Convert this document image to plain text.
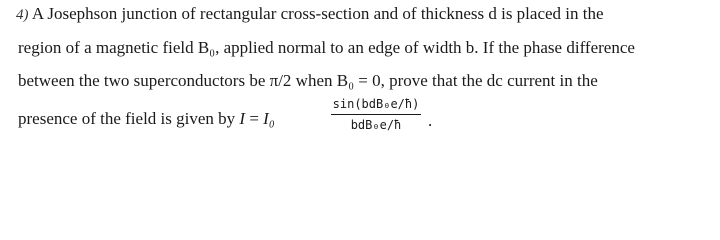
4) A Josephson junction of rectangular cross-section and of thickness d is placed in the
region of a magnetic field B₀, applied normal to an edge of width b. If the phase difference
between the two superconductors be π/2 when B₀ = 0, prove that the dc current in the
presence of the field is given by I = I₀
sin(bdB₀e/ħ)
bdB₀e/ħ	.
